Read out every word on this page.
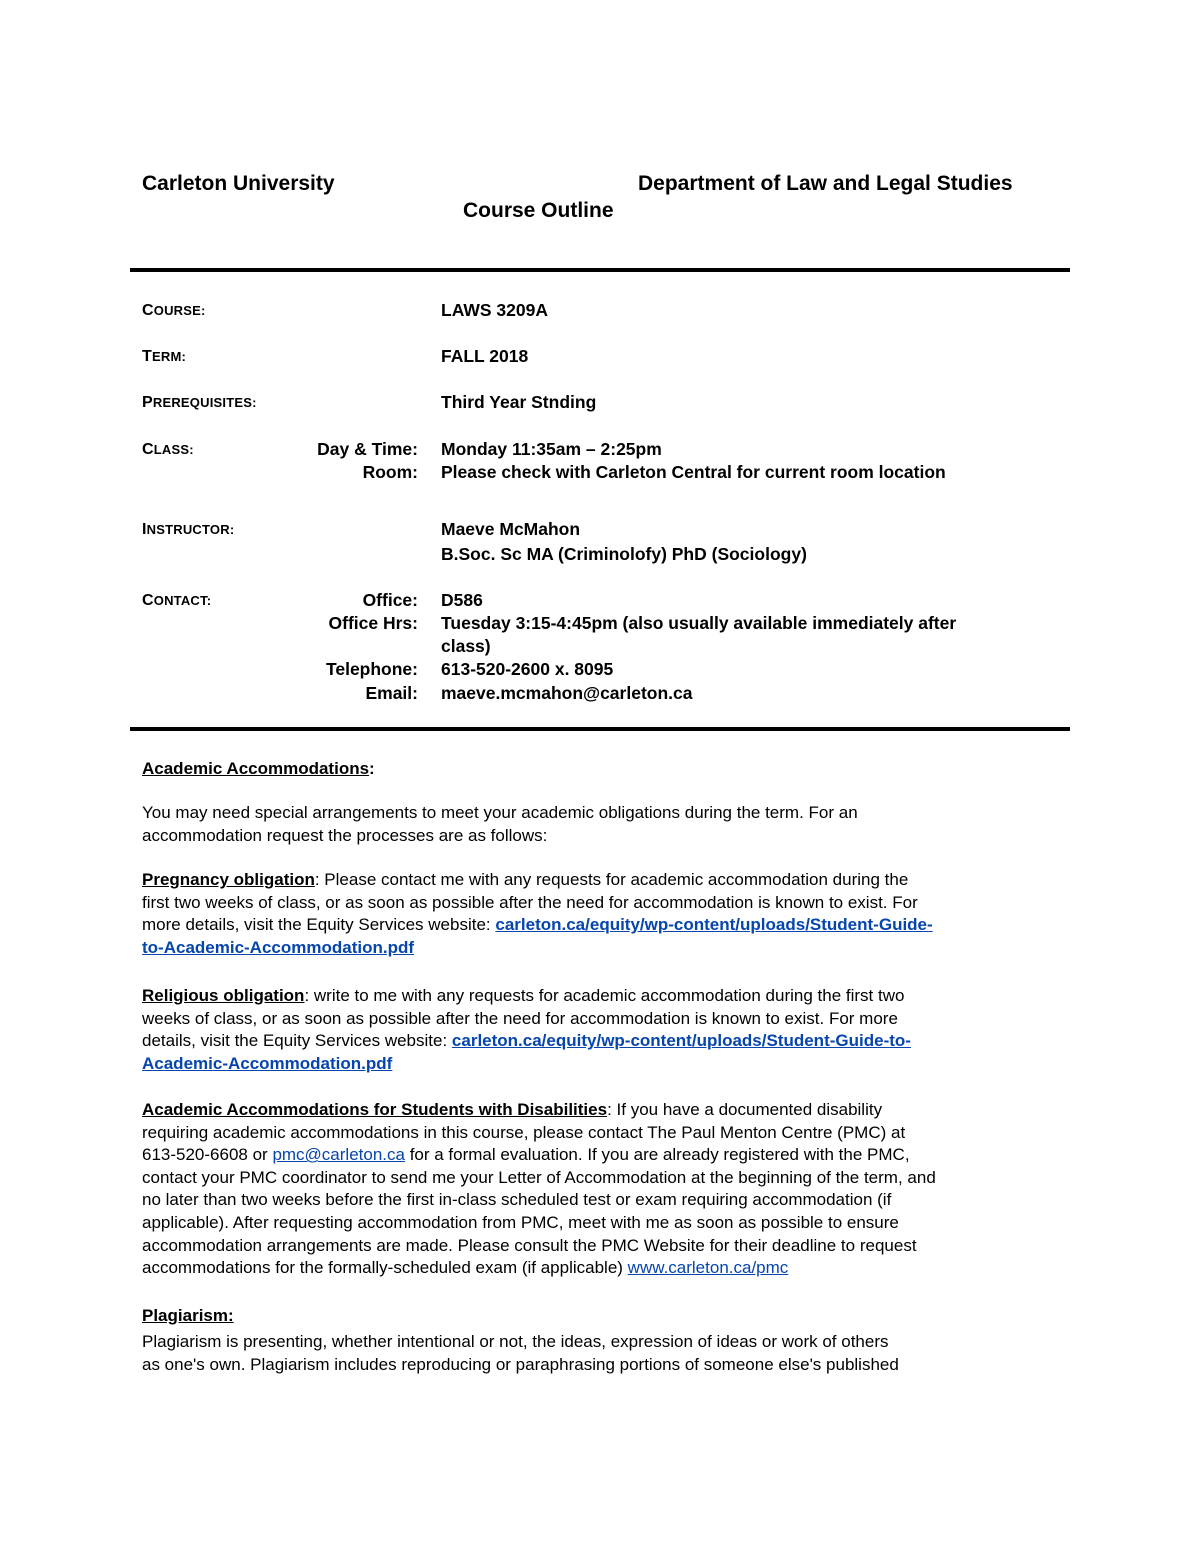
Carleton University	Department of Law and Legal Studies
Course Outline
COURSE:	LAWS 3209A
TERM:	FALL 2018
PREREQUISITES:	Third Year Stnding
CLASS:	Day & Time: Monday 11:35am – 2:25pm
Room: Please check with Carleton Central for current room location
INSTRUCTOR:	Maeve McMahon
B.Soc. Sc MA (Criminolofy) PhD (Sociology)
CONTACT:	Office: D586
Office Hrs: Tuesday 3:15-4:45pm (also usually available immediately after
class)
Telephone: 613-520-2600 x. 8095
Email: maeve.mcmahon@carleton.ca
Academic Accommodations:

You may need special arrangements to meet your academic obligations during the term. For an

accommodation request the processes are as follows:

Pregnancy obligation: Please contact me with any requests for academic accommodation during the

first two weeks of class, or as soon as possible after the need for accommodation is known to exist. For

more details, visit the Equity Services website: carleton.ca/equity/wp-content/uploads/Student-Guide-

to-Academic-Accommodation.pdf

Religious obligation: write to me with any requests for academic accommodation during the first two

weeks of class, or as soon as possible after the need for accommodation is known to exist. For more

details, visit the Equity Services website: carleton.ca/equity/wp-content/uploads/Student-Guide-to-

Academic-Accommodation.pdf

Academic Accommodations for Students with Disabilities: If you have a documented disability

requiring academic accommodations in this course, please contact The Paul Menton Centre (PMC) at

613-520-6608 or pmc@carleton.ca for a formal evaluation. If you are already registered with the PMC,

contact your PMC coordinator to send me your Letter of Accommodation at the beginning of the term, and

no later than two weeks before the first in-class scheduled test or exam requiring accommodation (if

applicable). After requesting accommodation from PMC, meet with me as soon as possible to ensure

accommodation arrangements are made. Please consult the PMC Website for their deadline to request

accommodations for the formally-scheduled exam (if applicable) www.carleton.ca/pmc

Plagiarism:

Plagiarism is presenting, whether intentional or not, the ideas, expression of ideas or work of others

as one's own. Plagiarism includes reproducing or paraphrasing portions of someone else's published
